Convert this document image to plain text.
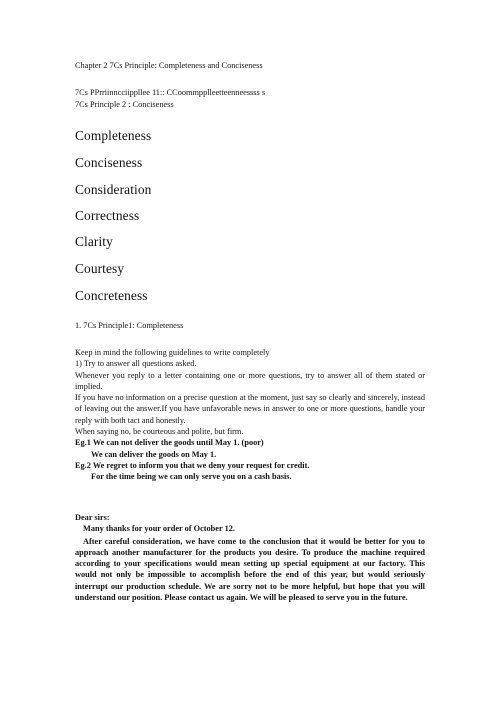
Chapter 2 7Cs Principle: Completeness and Conciseness
7Cs PPrriinncciippllee 11:: CCoommpplleetteenneessss s
7Cs Principle 2 : Conciseness
Completeness
Conciseness
Consideration
Correctness
Clarity
Courtesy
Concreteness
1. 7Cs Principle1: Completeness

Keep in mind the following guidelines to write completely

1) Try to answer all questions asked.

Whenever you reply to a letter containing one or more questions, try to answer all of them stated or implied.

If you have no information on a precise question at the moment, just say so clearly and sincerely, instead of leaving out the answer.If you have unfavorable news in answer to one or more questions, handle your reply with both tact and honestly.

When saying no, be courteous and polite, but firm.

Eg.1 We can not deliver the goods until May 1. (poor)

We can deliver the goods on May 1.

Eg.2 We regret to inform you that we deny your request for credit.

For the time being we can only serve you on a cash basis.

Dear sirs:

Many thanks for your order of October 12.

After careful consideration, we have come to the conclusion that it would be better for you to approach another manufacturer for the products you desire. To produce the machine required according to your specifications would mean setting up special equipment at our factory. This would not only be impossible to accomplish before the end of this year, but would seriously interrupt our production schedule. We are sorry not to be more helpful, but hope that you will understand our position. Please contact us again. We will be pleased to serve you in the future.
